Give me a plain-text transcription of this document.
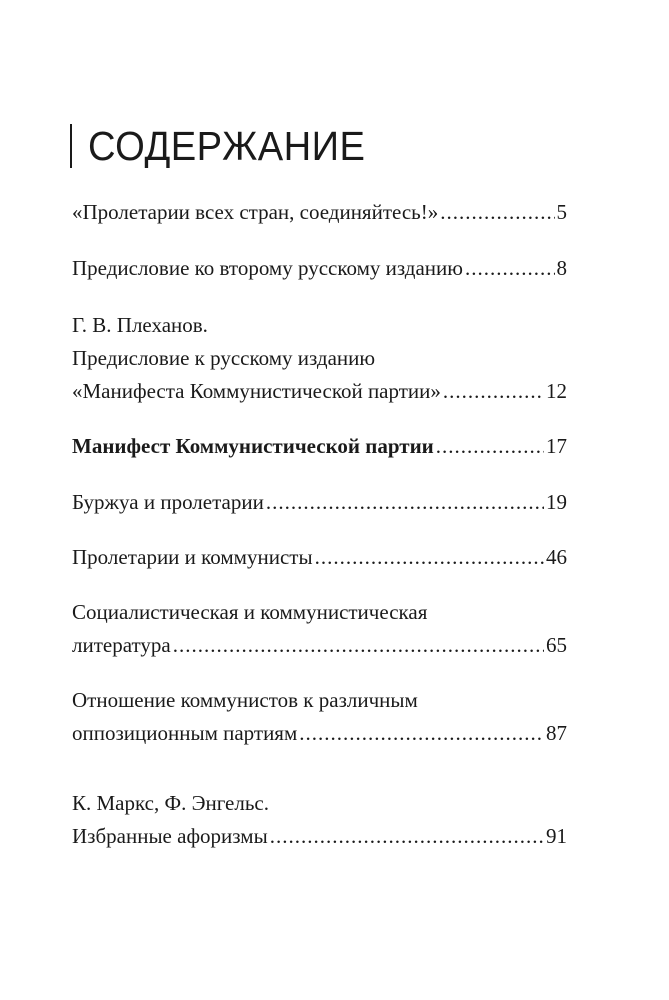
СОДЕРЖАНИЕ
«Пролетарии всех стран, соединяйтесь!» .....	5
Предисловие ко второму русскому изданию .....	8
Г. В. Плеханов.
Предисловие к русскому изданию
«Манифеста Коммунистической партии» .....	12
Манифест Коммунистической партии .....	17
Буржуа и пролетарии .....	19
Пролетарии и коммунисты .....	46
Социалистическая и коммунистическая
литература .....	65
Отношение коммунистов к различным
оппозиционным партиям .....	87
К. Маркс, Ф. Энгельс.
Избранные афоризмы .....	91
